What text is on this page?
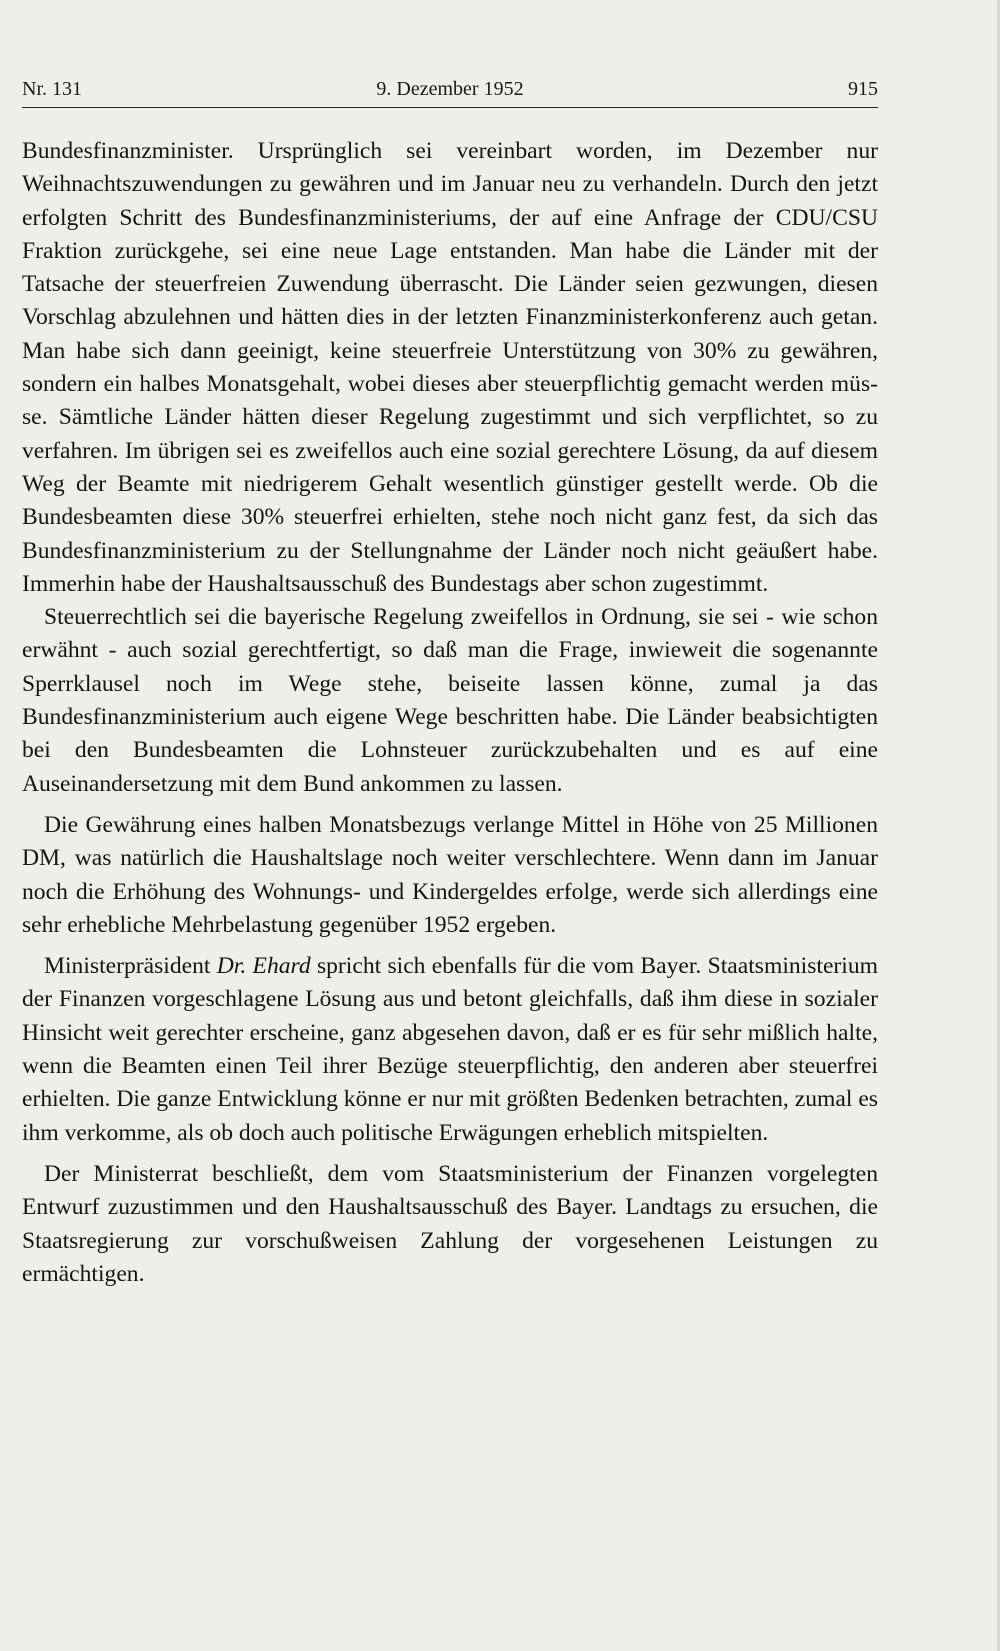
Nr. 131	9. Dezember 1952	915

Bundesfinanzminister. Ursprünglich sei vereinbart worden, im Dezember nur Weihnachtszuwendungen zu gewähren und im Januar neu zu verhandeln. Durch den jetzt erfolgten Schritt des Bundesfinanzministeriums, der auf eine Anfrage der CDU/CSU Fraktion zurückgehe, sei eine neue Lage entstanden. Man habe die Länder mit der Tatsache der steuerfreien Zuwendung überrascht. Die Länder seien gezwungen, diesen Vorschlag abzulehnen und hätten dies in der letzten Finanzministerkonferenz auch getan. Man habe sich dann geeinigt, keine steuerfreie Unterstützung von 30% zu gewähren, sondern ein halbes Monatsgehalt, wobei dieses aber steuerpflichtig gemacht werden müsse. Sämtliche Länder hätten dieser Regelung zugestimmt und sich verpflichtet, so zu verfahren. Im übrigen sei es zweifellos auch eine sozial gerechtere Lösung, da auf diesem Weg der Beamte mit niedrigerem Gehalt wesentlich günstiger gestellt werde. Ob die Bundesbeamten diese 30% steuerfrei erhielten, stehe noch nicht ganz fest, da sich das Bundesfinanzministerium zu der Stellungnahme der Länder noch nicht geäußert habe. Immerhin habe der Haushaltsausschuß des Bundestags aber schon zugestimmt.

Steuerrechtlich sei die bayerische Regelung zweifellos in Ordnung, sie sei - wie schon erwähnt - auch sozial gerechtfertigt, so daß man die Frage, inwieweit die sogenannte Sperrklausel noch im Wege stehe, beiseite lassen könne, zumal ja das Bundesfinanzministerium auch eigene Wege beschritten habe. Die Länder beabsichtigten bei den Bundesbeamten die Lohnsteuer zurückzubehalten und es auf eine Auseinandersetzung mit dem Bund ankommen zu lassen.

Die Gewährung eines halben Monatsbezugs verlange Mittel in Höhe von 25 Millionen DM, was natürlich die Haushaltslage noch weiter verschlechtere. Wenn dann im Januar noch die Erhöhung des Wohnungs- und Kindergeldes erfolge, werde sich allerdings eine sehr erhebliche Mehrbelastung gegenüber 1952 ergeben.

Ministerpräsident Dr. Ehard spricht sich ebenfalls für die vom Bayer. Staatsministerium der Finanzen vorgeschlagene Lösung aus und betont gleichfalls, daß ihm diese in sozialer Hinsicht weit gerechter erscheine, ganz abgesehen davon, daß er es für sehr mißlich halte, wenn die Beamten einen Teil ihrer Bezüge steuerpflichtig, den anderen aber steuerfrei erhielten. Die ganze Entwicklung könne er nur mit größten Bedenken betrachten, zumal es ihm verkomme, als ob doch auch politische Erwägungen erheblich mitspielten.

Der Ministerrat beschließt, dem vom Staatsministerium der Finanzen vorgelegten Entwurf zuzustimmen und den Haushaltsausschuß des Bayer. Landtags zu ersuchen, die Staatsregierung zur vorschußweisen Zahlung der vorgesehenen Leistungen zu ermächtigen.
